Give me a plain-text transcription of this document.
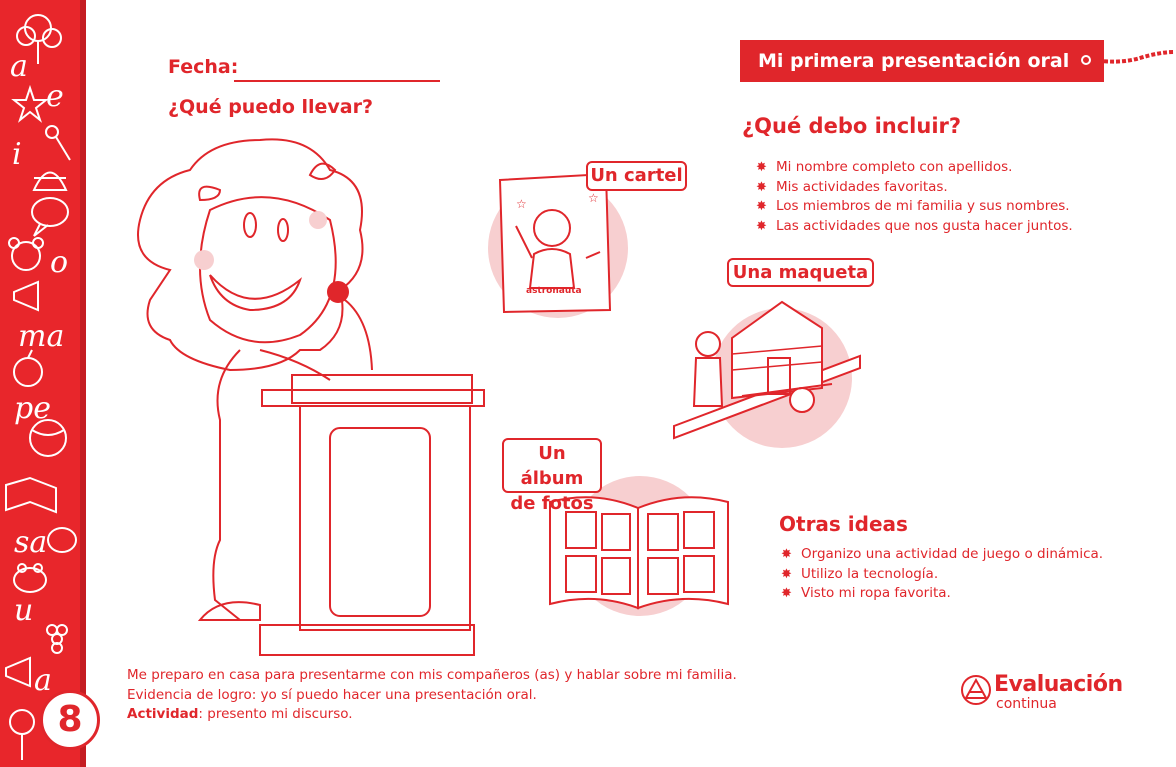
a
e
i
o
ma
pe
sa
u
a
8
Fecha:
¿Qué puedo llevar?
Mi primera presentación oral
☆	☆
astronauta
Un cartel
Una maqueta
Un álbum
de fotos
¿Qué debo incluir?
✸ Mi nombre completo con apellidos.
✸ Mis actividades favoritas.
✸ Los miembros de mi familia y sus nombres.
✸ Las actividades que nos gusta hacer juntos.
Otras ideas
✸ Organizo una actividad de juego o dinámica.
✸ Utilizo la tecnología.
✸ Visto mi ropa favorita.
Me preparo en casa para presentarme con mis compañeros (as) y hablar sobre mi familia.
Evidencia de logro: yo sí puedo hacer una presentación oral.
Actividad: presento mi discurso.
Evaluación
continua
